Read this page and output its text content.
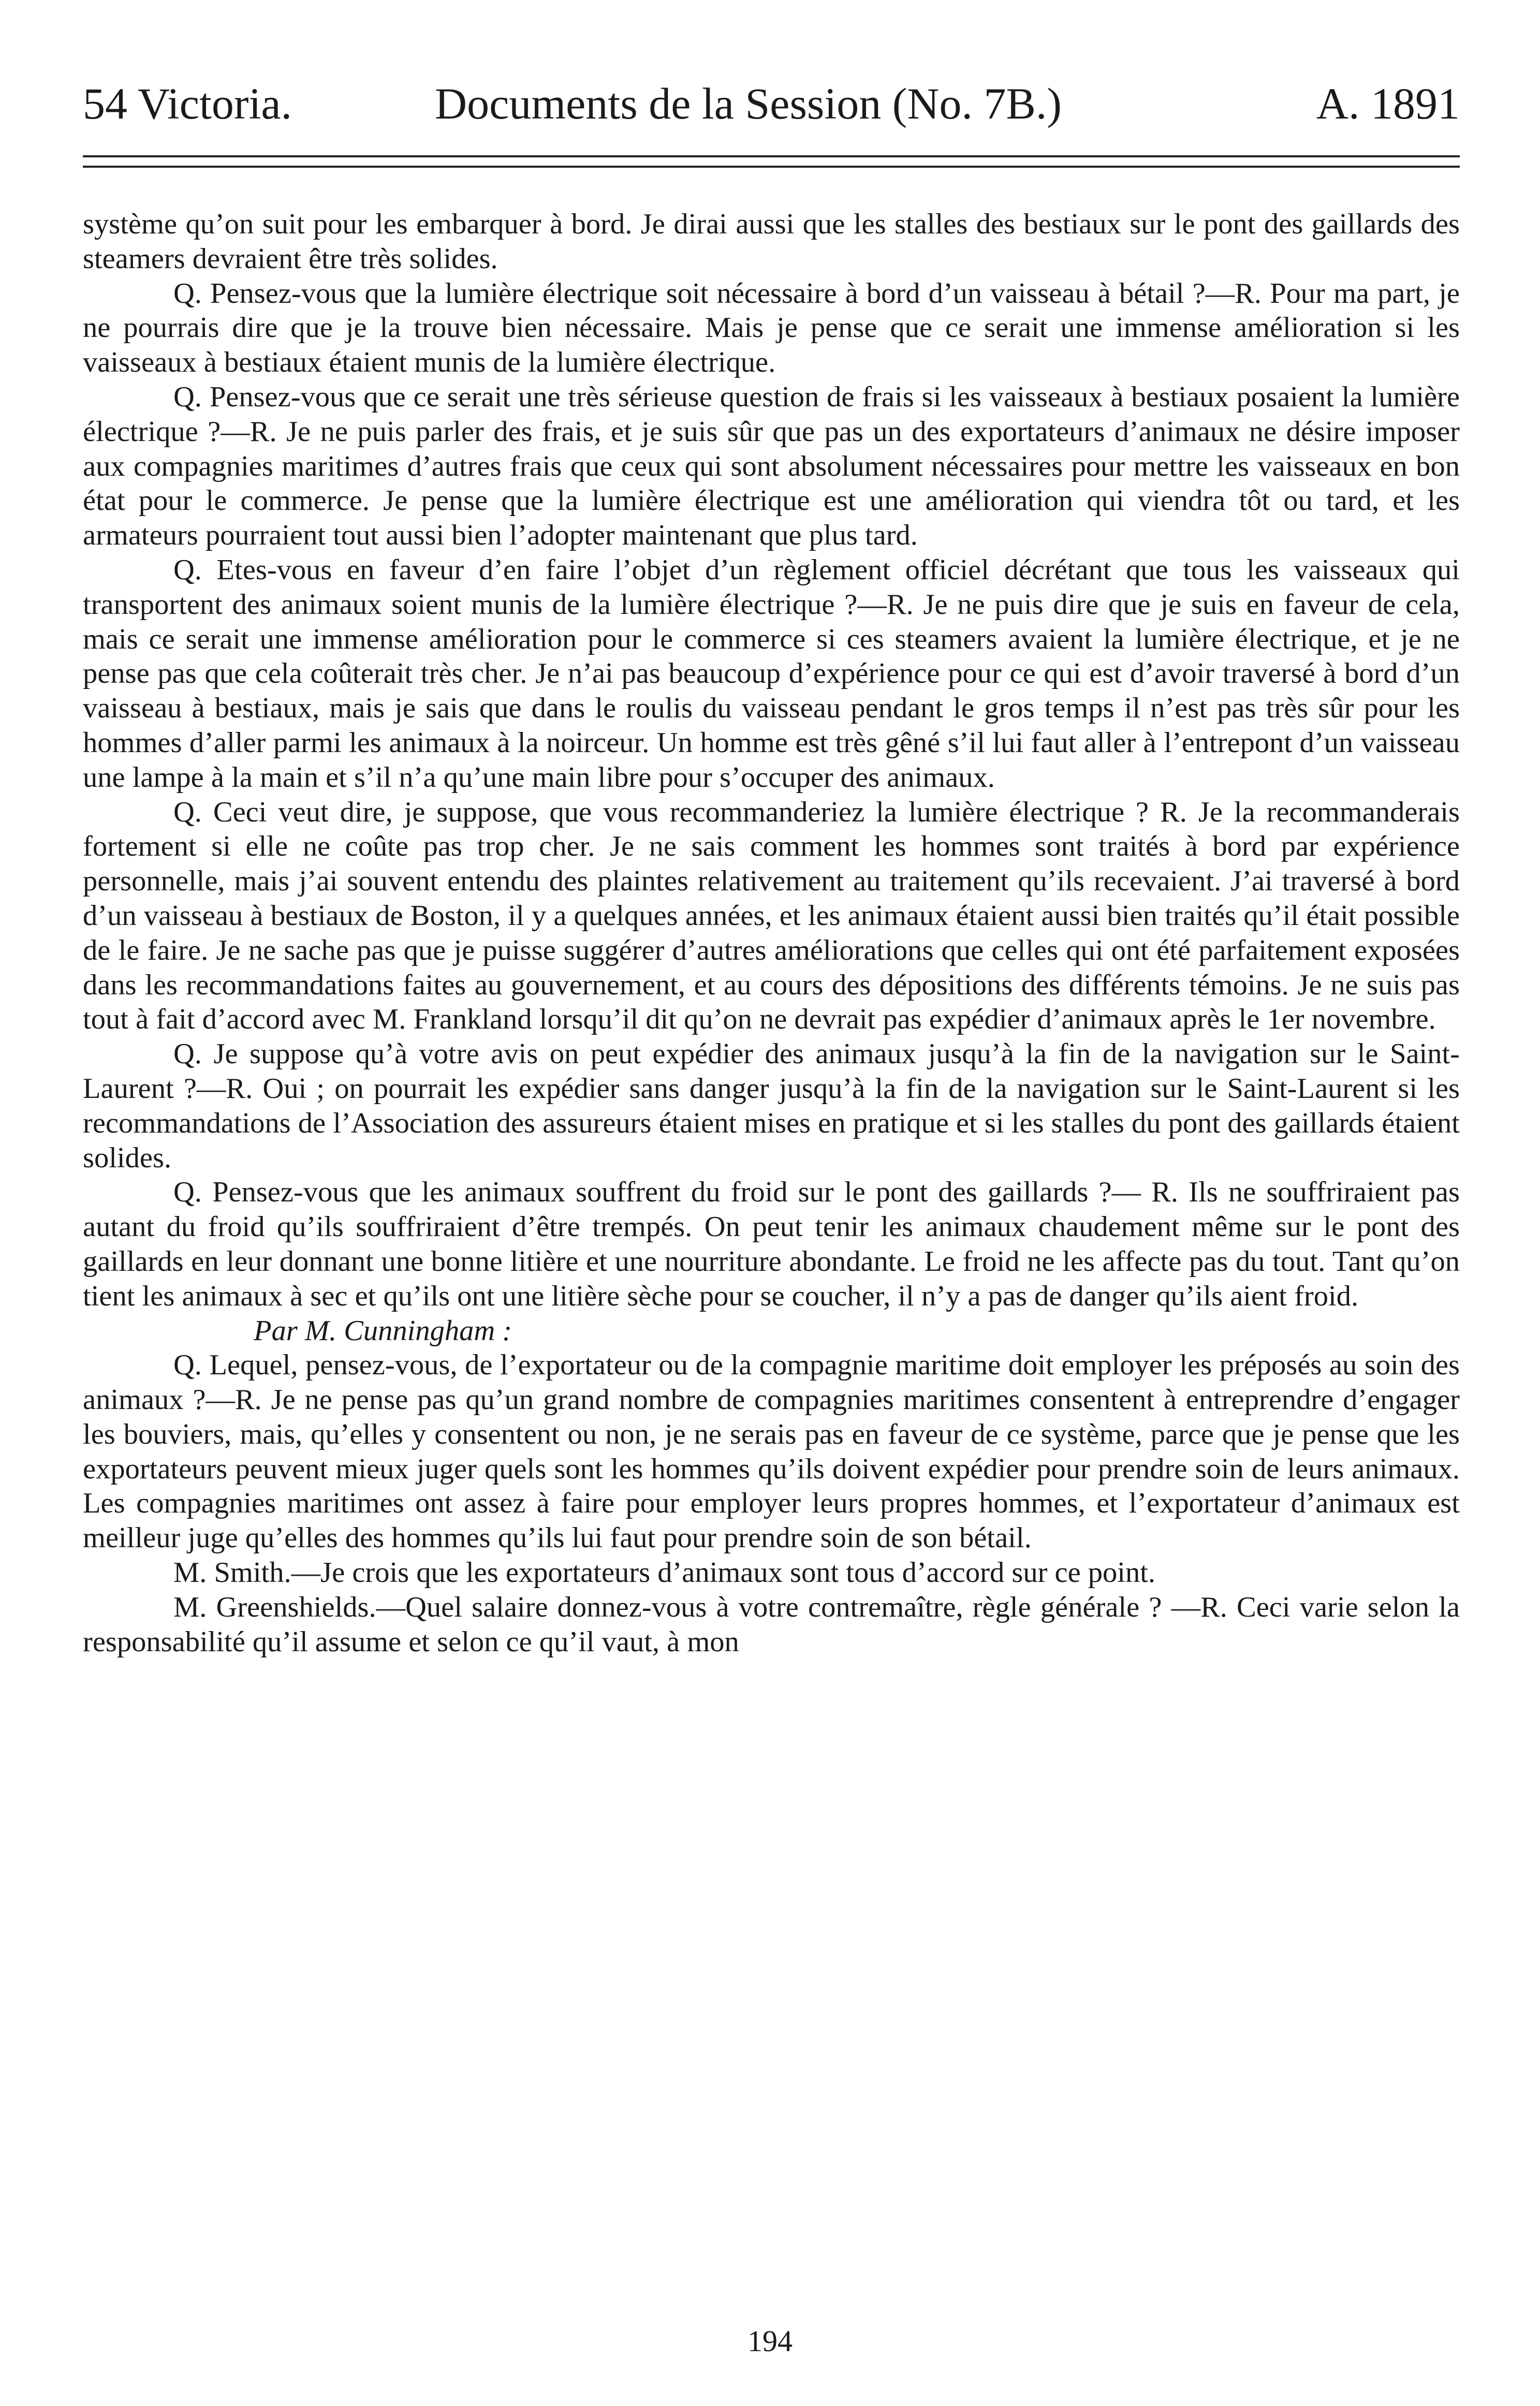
54 Victoria.	Documents de la Session (No. 7B.)	A. 1891

système qu’on suit pour les embarquer à bord. Je dirai aussi que les stalles des bestiaux sur le pont des gaillards des steamers devraient être très solides.

Q. Pensez-vous que la lumière électrique soit nécessaire à bord d’un vaisseau à bétail ?—R. Pour ma part, je ne pourrais dire que je la trouve bien nécessaire. Mais je pense que ce serait une immense amélioration si les vaisseaux à bestiaux étaient munis de la lumière électrique.

Q. Pensez-vous que ce serait une très sérieuse question de frais si les vaisseaux à bestiaux posaient la lumière électrique ?—R. Je ne puis parler des frais, et je suis sûr que pas un des exportateurs d’animaux ne désire imposer aux compagnies maritimes d’autres frais que ceux qui sont absolument nécessaires pour mettre les vaisseaux en bon état pour le commerce. Je pense que la lumière électrique est une amélioration qui viendra tôt ou tard, et les armateurs pourraient tout aussi bien l’adopter maintenant que plus tard.

Q. Etes-vous en faveur d’en faire l’objet d’un règlement officiel décrétant que tous les vaisseaux qui transportent des animaux soient munis de la lumière électrique ?—R. Je ne puis dire que je suis en faveur de cela, mais ce serait une immense amélioration pour le commerce si ces steamers avaient la lumière électrique, et je ne pense pas que cela coûterait très cher. Je n’ai pas beaucoup d’expérience pour ce qui est d’avoir traversé à bord d’un vaisseau à bestiaux, mais je sais que dans le roulis du vaisseau pendant le gros temps il n’est pas très sûr pour les hommes d’aller parmi les animaux à la noirceur. Un homme est très gêné s’il lui faut aller à l’entrepont d’un vaisseau une lampe à la main et s’il n’a qu’une main libre pour s’occuper des animaux.

Q. Ceci veut dire, je suppose, que vous recommanderiez la lumière électrique ? R. Je la recommanderais fortement si elle ne coûte pas trop cher. Je ne sais comment les hommes sont traités à bord par expérience personnelle, mais j’ai souvent entendu des plaintes relativement au traitement qu’ils recevaient. J’ai traversé à bord d’un vaisseau à bestiaux de Boston, il y a quelques années, et les animaux étaient aussi bien traités qu’il était possible de le faire. Je ne sache pas que je puisse suggérer d’autres améliorations que celles qui ont été parfaitement exposées dans les recommandations faites au gouvernement, et au cours des dépositions des différents témoins. Je ne suis pas tout à fait d’accord avec M. Frankland lorsqu’il dit qu’on ne devrait pas expédier d’animaux après le 1er novembre.

Q. Je suppose qu’à votre avis on peut expédier des animaux jusqu’à la fin de la navigation sur le Saint-Laurent ?—R. Oui ; on pourrait les expédier sans danger jusqu’à la fin de la navigation sur le Saint-Laurent si les recommandations de l’Association des assureurs étaient mises en pratique et si les stalles du pont des gaillards étaient solides.

Q. Pensez-vous que les animaux souffrent du froid sur le pont des gaillards ?— R. Ils ne souffriraient pas autant du froid qu’ils souffriraient d’être trempés. On peut tenir les animaux chaudement même sur le pont des gaillards en leur donnant une bonne litière et une nourriture abondante. Le froid ne les affecte pas du tout. Tant qu’on tient les animaux à sec et qu’ils ont une litière sèche pour se coucher, il n’y a pas de danger qu’ils aient froid.

Par M. Cunningham :

Q. Lequel, pensez-vous, de l’exportateur ou de la compagnie maritime doit employer les préposés au soin des animaux ?—R. Je ne pense pas qu’un grand nombre de compagnies maritimes consentent à entreprendre d’engager les bouviers, mais, qu’elles y consentent ou non, je ne serais pas en faveur de ce système, parce que je pense que les exportateurs peuvent mieux juger quels sont les hommes qu’ils doivent expédier pour prendre soin de leurs animaux. Les compagnies maritimes ont assez à faire pour employer leurs propres hommes, et l’exportateur d’animaux est meilleur juge qu’elles des hommes qu’ils lui faut pour prendre soin de son bétail.

M. Smith.—Je crois que les exportateurs d’animaux sont tous d’accord sur ce point.

M. Greenshields.—Quel salaire donnez-vous à votre contremaître, règle générale ? —R. Ceci varie selon la responsabilité qu’il assume et selon ce qu’il vaut, à mon

194
